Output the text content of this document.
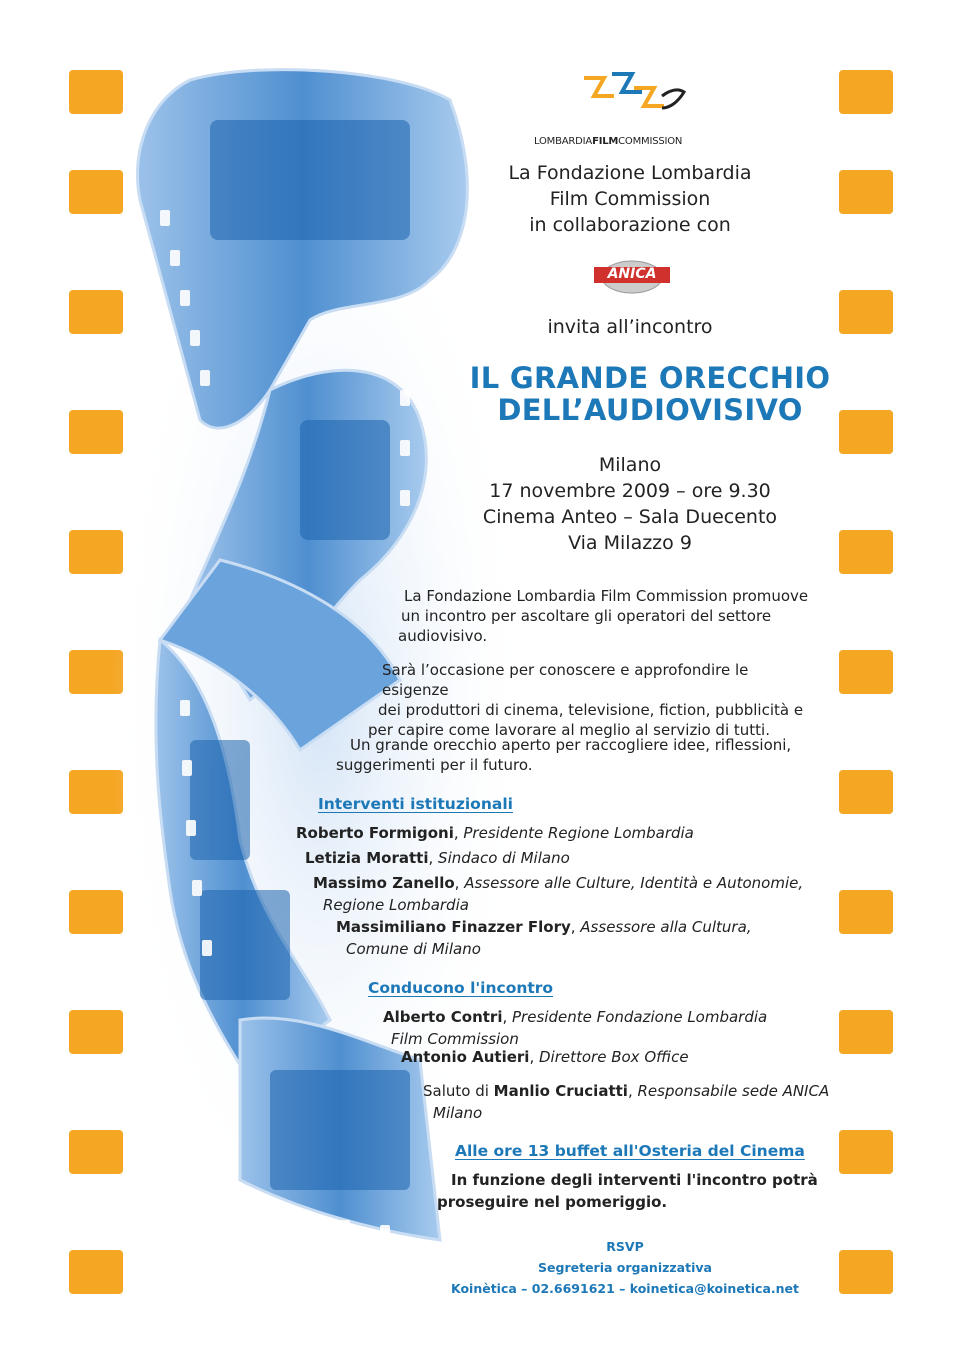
LOMBARDIAFILMCOMMISSION
La Fondazione Lombardia
Film Commission
in collaborazione con
ANICA
invita all’incontro
IL GRANDE ORECCHIO
DELL’AUDIOVISIVO
Milano
17 novembre 2009 – ore 9.30
Cinema Anteo – Sala Duecento
Via Milazzo 9
La Fondazione Lombardia Film Commission promuove
un incontro per ascoltare gli operatori del settore
audiovisivo.
Sarà l’occasione per conoscere e approfondire le esigenze
dei produttori di cinema, televisione, fiction, pubblicità e
per capire come lavorare al meglio al servizio di tutti.
Un grande orecchio aperto per raccogliere idee, riflessioni,
suggerimenti per il futuro.
Interventi istituzionali
Roberto Formigoni, Presidente Regione Lombardia
Letizia Moratti, Sindaco di Milano
Massimo Zanello, Assessore alle Culture, Identità e Autonomie,
Regione Lombardia
Massimiliano Finazzer Flory, Assessore alla Cultura,
Comune di Milano
Conducono l'incontro
Alberto Contri, Presidente Fondazione Lombardia
Film Commission
Antonio Autieri, Direttore Box Office
Saluto di Manlio Cruciatti, Responsabile sede ANICA
Milano
Alle ore 13 buffet all'Osteria del Cinema
In funzione degli interventi l'incontro potrà
proseguire nel pomeriggio.
RSVP
Segreteria organizzativa
Koinètica – 02.6691621 – koinetica@koinetica.net
